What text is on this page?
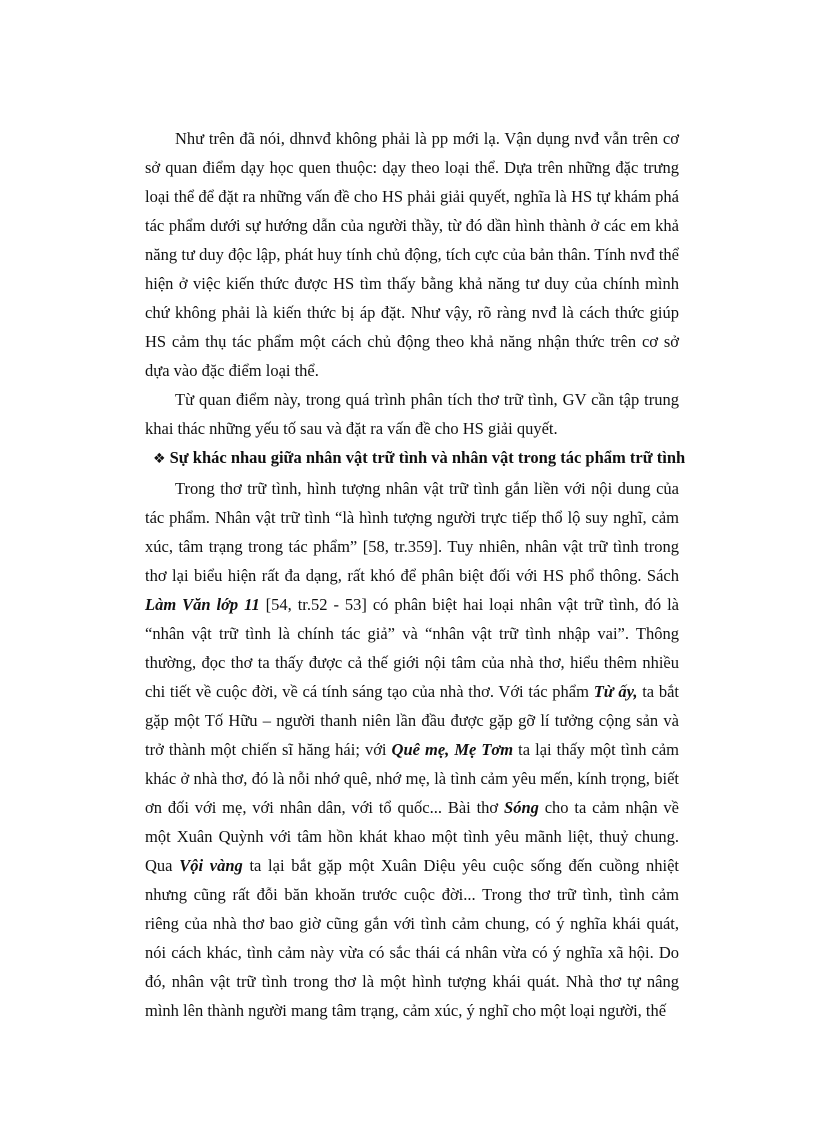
Như trên đã nói, dhnvđ không phải là pp mới lạ. Vận dụng nvđ vẫn trên cơ sở quan điểm dạy học quen thuộc: dạy theo loại thể. Dựa trên những đặc trưng loại thể để đặt ra những vấn đề cho HS phải giải quyết, nghĩa là HS tự khám phá tác phẩm dưới sự hướng dẫn của người thầy, từ đó dần hình thành ở các em khả năng tư duy độc lập, phát huy tính chủ động, tích cực của bản thân. Tính nvđ thể hiện ở việc kiến thức được HS tìm thấy bằng khả năng tư duy của chính mình chứ không phải là kiến thức bị áp đặt. Như vậy, rõ ràng nvđ là cách thức giúp HS cảm thụ tác phẩm một cách chủ động theo khả năng nhận thức trên cơ sở dựa vào đặc điểm loại thể.

Từ quan điểm này, trong quá trình phân tích thơ trữ tình, GV cần tập trung khai thác những yếu tố sau và đặt ra vấn đề cho HS giải quyết.

❖ Sự khác nhau giữa nhân vật trữ tình và nhân vật trong tác phẩm trữ tình

Trong thơ trữ tình, hình tượng nhân vật trữ tình gắn liền với nội dung của tác phẩm. Nhân vật trữ tình “là hình tượng người trực tiếp thổ lộ suy nghĩ, cảm xúc, tâm trạng trong tác phẩm” [58, tr.359]. Tuy nhiên, nhân vật trữ tình trong thơ lại biểu hiện rất đa dạng, rất khó để phân biệt đối với HS phổ thông. Sách Làm Văn lớp 11 [54, tr.52 - 53] có phân biệt hai loại nhân vật trữ tình, đó là “nhân vật trữ tình là chính tác giả” và “nhân vật trữ tình nhập vai”. Thông thường, đọc thơ ta thấy được cả thế giới nội tâm của nhà thơ, hiểu thêm nhiều chi tiết về cuộc đời, về cá tính sáng tạo của nhà thơ. Với tác phẩm Từ ấy, ta bắt gặp một Tố Hữu – người thanh niên lần đầu được gặp gỡ lí tưởng cộng sản và trở thành một chiến sĩ hăng hái; với Quê mẹ, Mẹ Tơm ta lại thấy một tình cảm khác ở nhà thơ, đó là nỗi nhớ quê, nhớ mẹ, là tình cảm yêu mến, kính trọng, biết ơn đối với mẹ, với nhân dân, với tổ quốc... Bài thơ Sóng cho ta cảm nhận về một Xuân Quỳnh với tâm hồn khát khao một tình yêu mãnh liệt, thuỷ chung. Qua Vội vàng ta lại bắt gặp một Xuân Diệu yêu cuộc sống đến cuồng nhiệt nhưng cũng rất đỗi băn khoăn trước cuộc đời... Trong thơ trữ tình, tình cảm riêng của nhà thơ bao giờ cũng gắn với tình cảm chung, có ý nghĩa khái quát, nói cách khác, tình cảm này vừa có sắc thái cá nhân vừa có ý nghĩa xã hội. Do đó, nhân vật trữ tình trong thơ là một hình tượng khái quát. Nhà thơ tự nâng mình lên thành người mang tâm trạng, cảm xúc, ý nghĩ cho một loại người, thế
